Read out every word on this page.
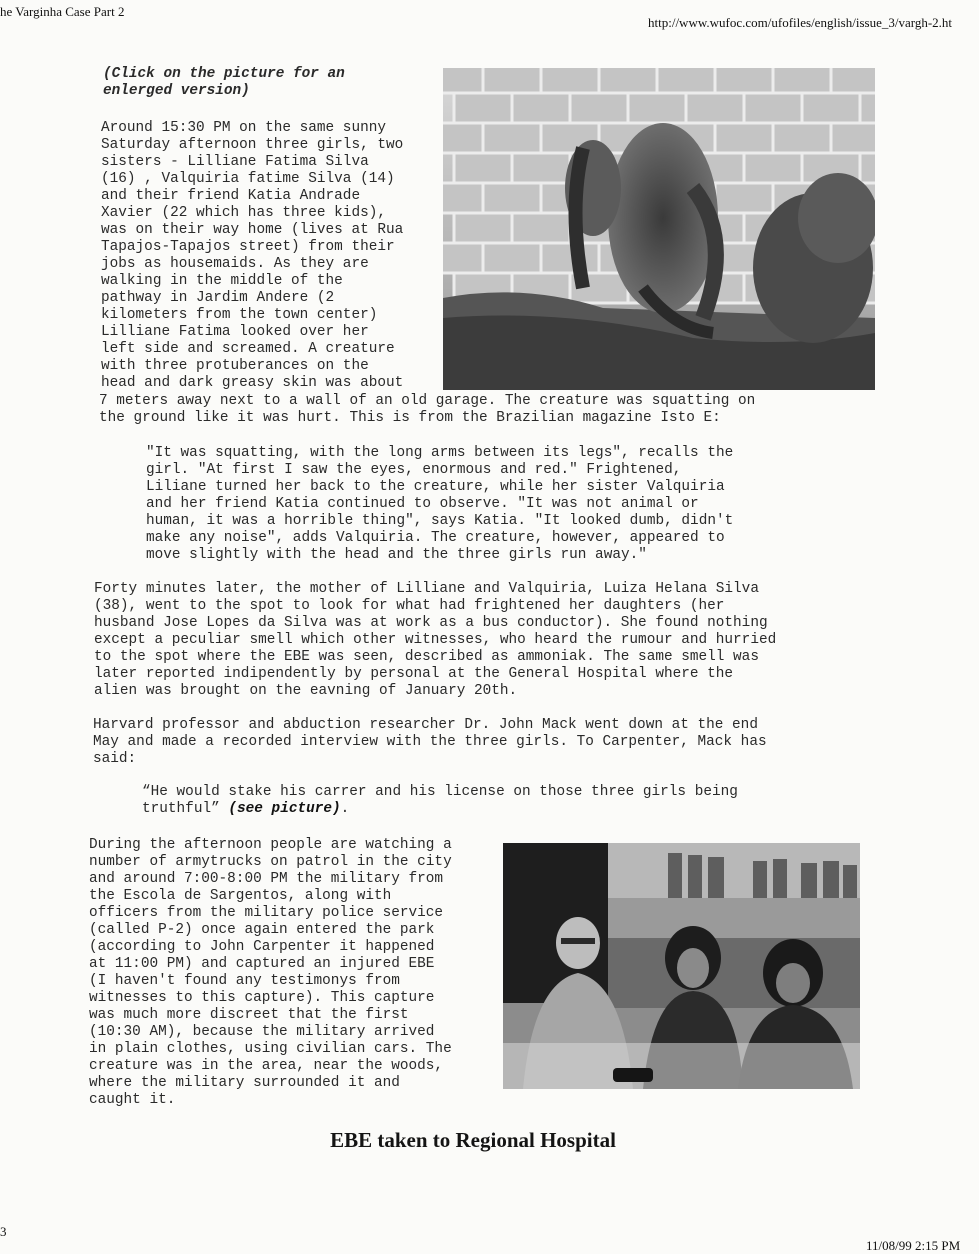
he Varginha Case Part 2
http://www.wufoc.com/ufofiles/english/issue_3/vargh-2.ht
(Click on the picture for an enlerged version)
Around 15:30 PM on the same sunny
Saturday afternoon three girls, two
sisters - Lilliane Fatima Silva
(16) , Valquiria fatime Silva (14)
and their friend Katia Andrade
Xavier (22 which has three kids),
was on their way home (lives at Rua
Tapajos-Tapajos street) from their
jobs as housemaids. As they are
walking in the middle of the
pathway in Jardim Andere (2
kilometers from the town center)
Lilliane Fatima looked over her
left side and screamed. A creature
with three protuberances on the
head and dark greasy skin was about
7 meters away next to a wall of an old garage. The creature was squatting on
the ground like it was hurt. This is from the Brazilian magazine Isto E:
"It was squatting, with the long arms between its legs", recalls the
girl. "At first I saw the eyes, enormous and red." Frightened,
Liliane turned her back to the creature, while her sister Valquiria
and her friend Katia continued to observe. "It was not animal or
human, it was a horrible thing", says Katia. "It looked dumb, didn't
make any noise", adds Valquiria. The creature, however, appeared to
move slightly with the head and the three girls run away."
Forty minutes later, the mother of Lilliane and Valquiria, Luiza Helana Silva
(38), went to the spot to look for what had frightened her daughters (her
husband Jose Lopes da Silva was at work as a bus conductor). She found nothing
except a peculiar smell which other witnesses, who heard the rumour and hurried
to the spot where the EBE was seen, described as ammoniak. The same smell was
later reported indipendently by personal at the General Hospital where the
alien was brought on the eavning of January 20th.
Harvard professor and abduction researcher Dr. John Mack went down at the end
May and made a recorded interview with the three girls. To Carpenter, Mack has
said:
“He would stake his carrer and his license on those three girls being
truthful” (see picture).
During the afternoon people are watching a
number of armytrucks on patrol in the city
and around 7:00-8:00 PM the military from
the Escola de Sargentos, along with
officers from the military police service
(called P-2) once again entered the park
(according to John Carpenter it happened
at 11:00 PM) and captured an injured EBE
(I haven't found any testimonys from
witnesses to this capture). This capture
was much more discreet that the first
(10:30 AM), because the military arrived
in plain clothes, using civilian cars. The
creature was in the area, near the woods,
where the military surrounded it and
caught it.
EBE taken to Regional Hospital
3
11/08/99 2:15 PM
